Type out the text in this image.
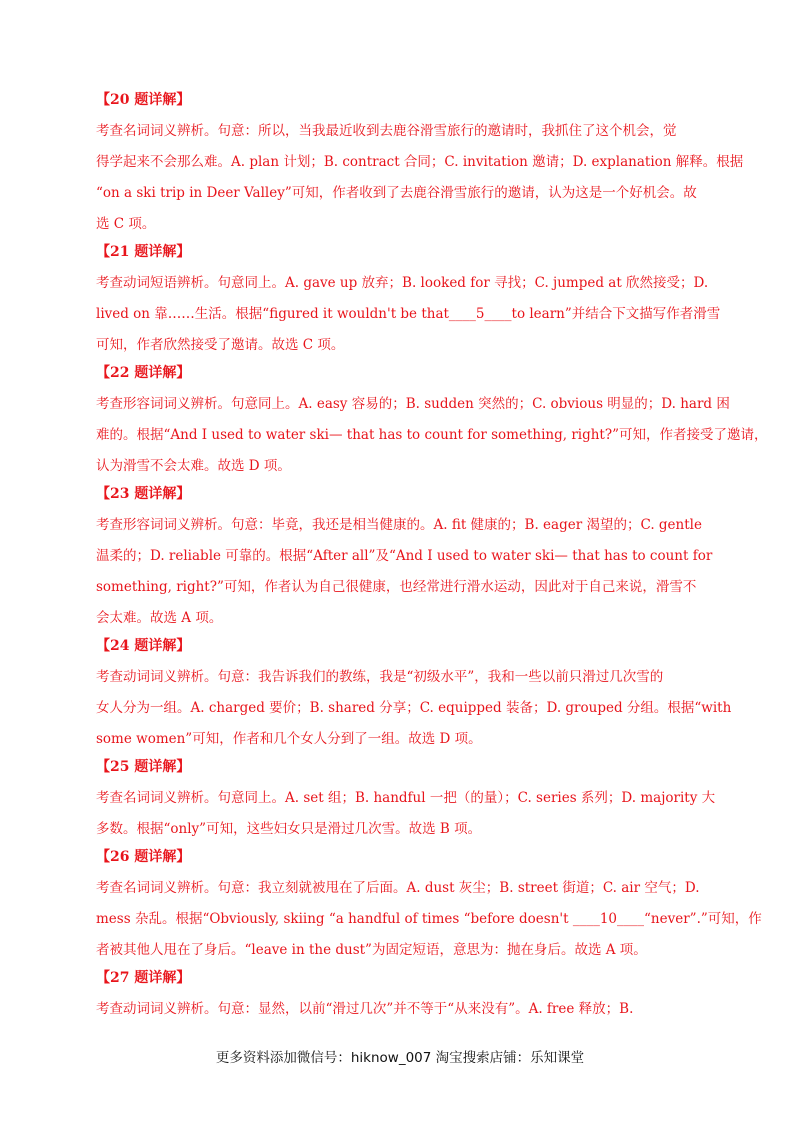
【20 题详解】

考查名词词义辨析。句意：所以，当我最近收到去鹿谷滑雪旅行的邀请时，我抓住了这个机会，觉

得学起来不会那么难。A. plan 计划；B. contract 合同；C. invitation 邀请；D. explanation 解释。根据

“on a ski trip in Deer Valley”可知，作者收到了去鹿谷滑雪旅行的邀请，认为这是一个好机会。故

选 C 项。

【21 题详解】

考查动词短语辨析。句意同上。A. gave up 放弃；B. looked for 寻找；C. jumped at 欣然接受；D.

lived on 靠……生活。根据“figured it wouldn't be that____5____to learn”并结合下文描写作者滑雪

可知，作者欣然接受了邀请。故选 C 项。

【22 题详解】

考查形容词词义辨析。句意同上。A. easy 容易的；B. sudden 突然的；C. obvious 明显的；D. hard 困

难的。根据“And I used to water ski— that has to count for something, right?”可知，作者接受了邀请，

认为滑雪不会太难。故选 D 项。

【23 题详解】

考查形容词词义辨析。句意：毕竟，我还是相当健康的。A. fit 健康的；B. eager 渴望的；C. gentle

温柔的；D. reliable 可靠的。根据“After all”及“And I used to water ski— that has to count for

something, right?”可知，作者认为自己很健康，也经常进行滑水运动，因此对于自己来说，滑雪不

会太难。故选 A 项。

【24 题详解】

考查动词词义辨析。句意：我告诉我们的教练，我是“初级水平”，我和一些以前只滑过几次雪的

女人分为一组。A. charged 要价；B. shared 分享；C. equipped 装备；D. grouped 分组。根据“with

some women”可知，作者和几个女人分到了一组。故选 D 项。

【25 题详解】

考查名词词义辨析。句意同上。A. set 组；B. handful 一把（的量）；C. series 系列；D. majority 大

多数。根据“only”可知，这些妇女只是滑过几次雪。故选 B 项。

【26 题详解】

考查名词词义辨析。句意：我立刻就被甩在了后面。A. dust 灰尘；B. street 街道；C. air 空气；D.

mess 杂乱。根据“Obviously, skiing “a handful of times “before doesn't ____10____“never”.”可知，作

者被其他人甩在了身后。“leave in the dust”为固定短语，意思为：抛在身后。故选 A 项。

【27 题详解】

考查动词词义辨析。句意：显然，以前“滑过几次”并不等于“从来没有”。A. free 释放；B.

更多资料添加微信号：hiknow_007 淘宝搜索店铺：乐知课堂
